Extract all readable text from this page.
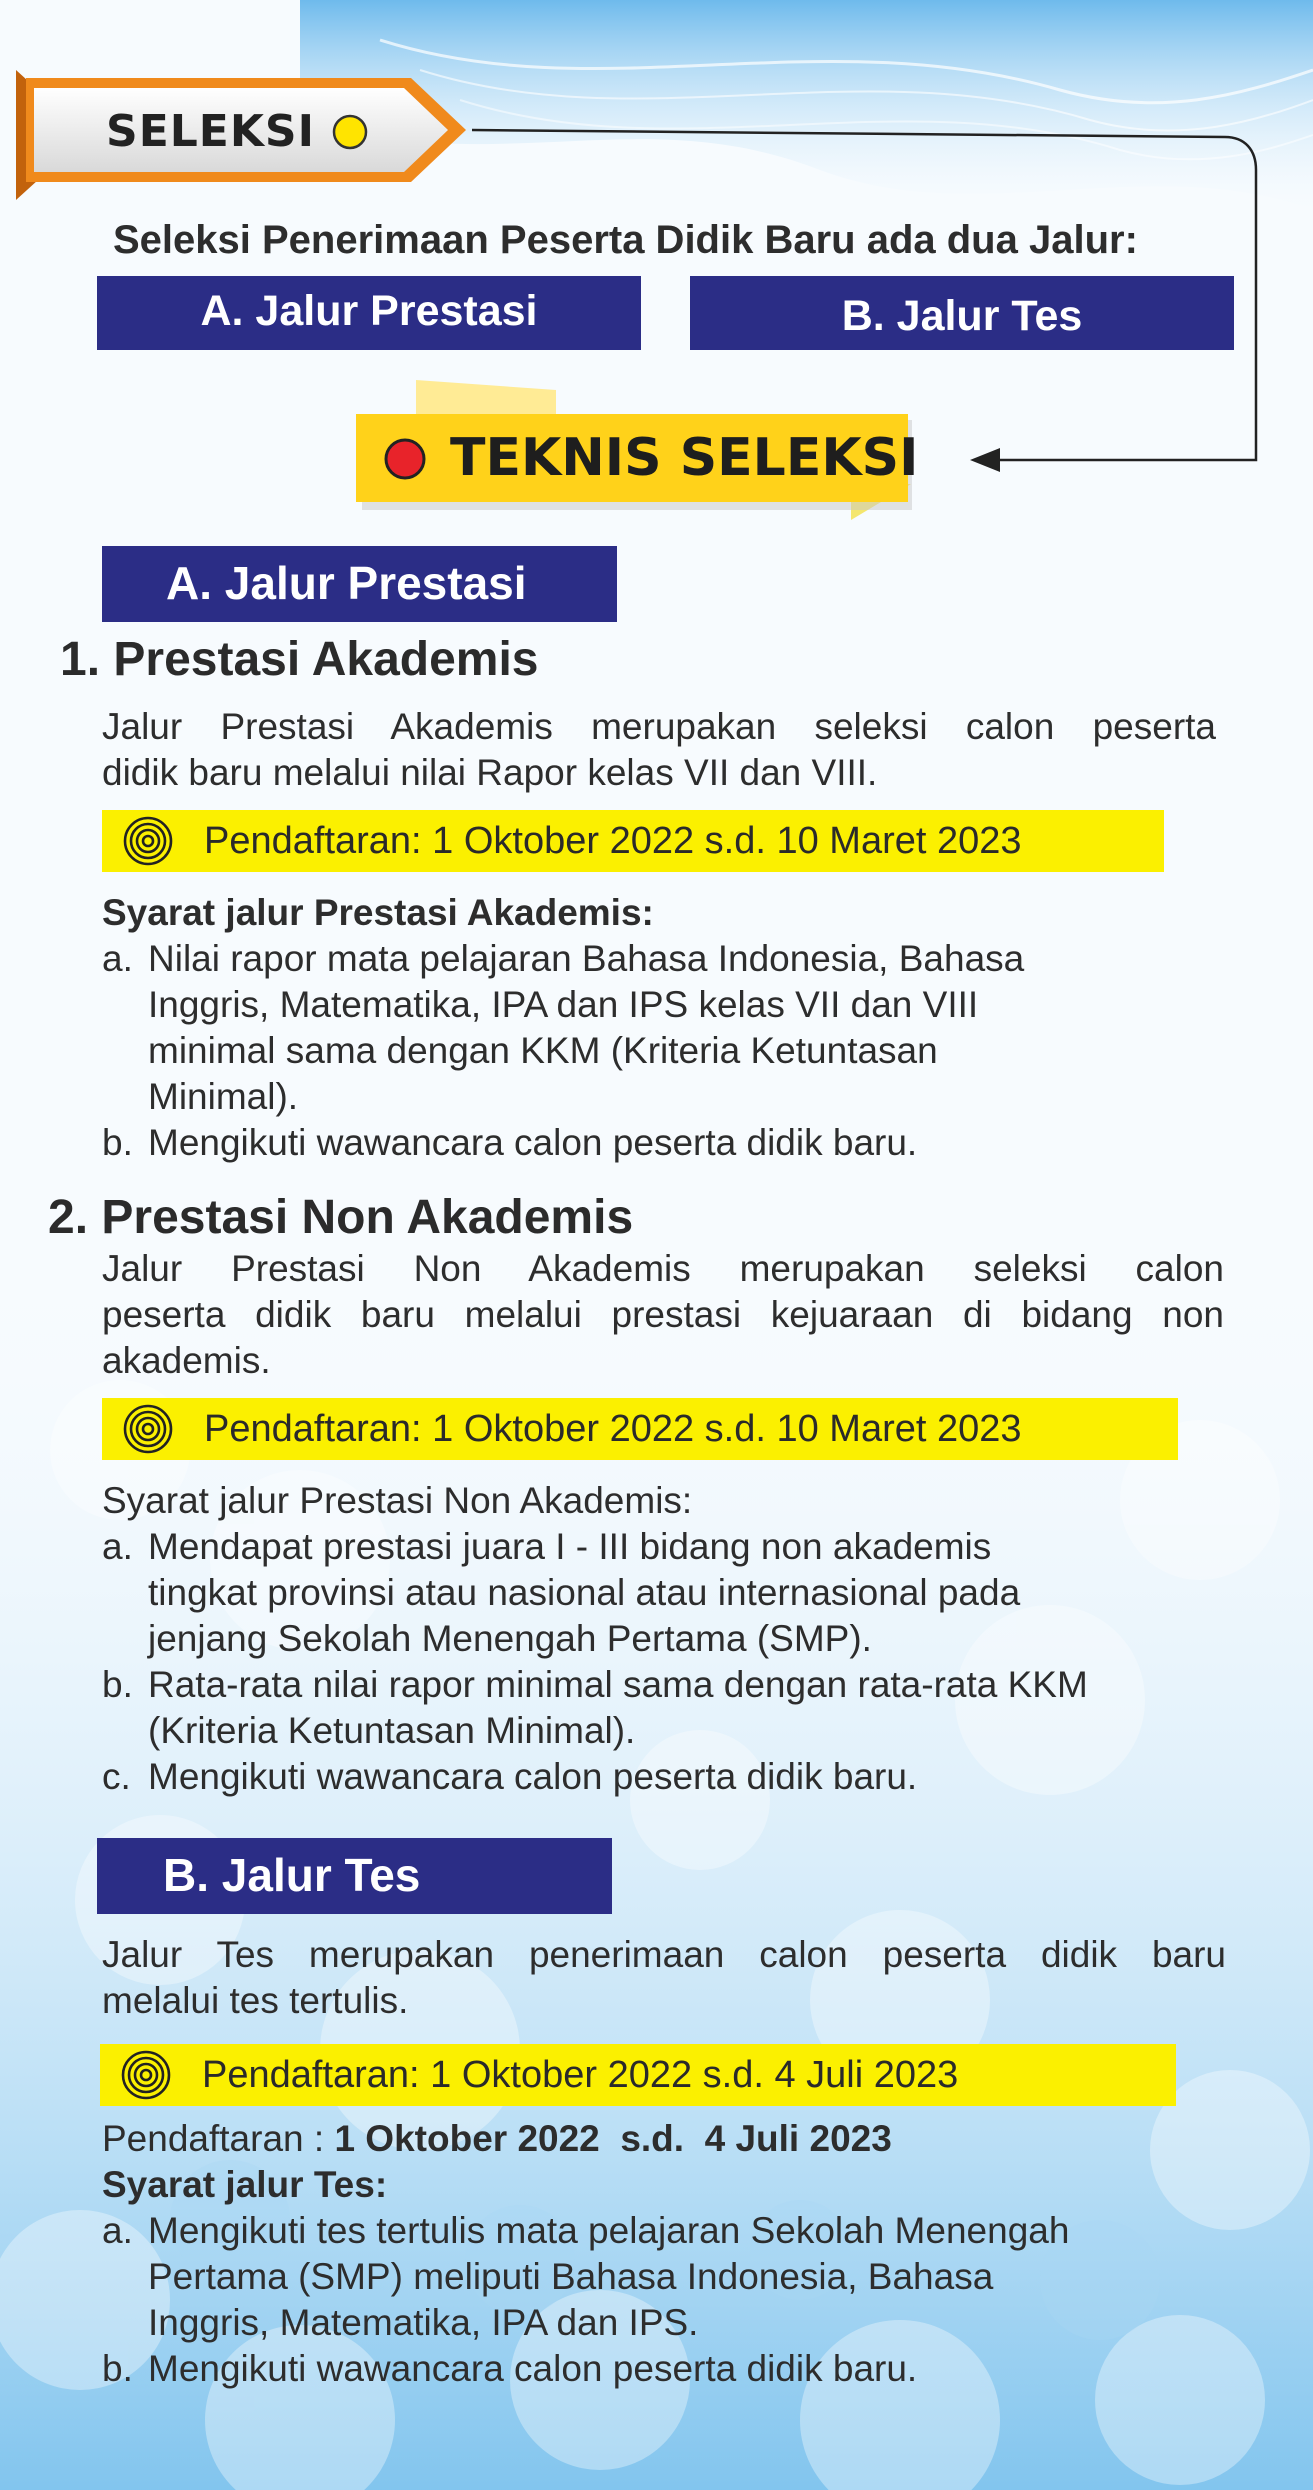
SELEKSI
Seleksi Penerimaan Peserta Didik Baru ada dua Jalur:
A. Jalur Prestasi	B. Jalur Tes
TEKNIS SELEKSI
A. Jalur Prestasi
1. Prestasi Akademis
Jalur Prestasi Akademis merupakan seleksi calon peserta
didik baru melalui nilai Rapor kelas VII dan VIII.
Pendaftaran: 1 Oktober 2022 s.d. 10 Maret 2023
Syarat jalur Prestasi Akademis:
a. Nilai rapor mata pelajaran Bahasa Indonesia, Bahasa
Inggris, Matematika, IPA dan IPS kelas VII dan VIII
minimal sama dengan KKM (Kriteria Ketuntasan
Minimal).
b. Mengikuti wawancara calon peserta didik baru.
2. Prestasi Non Akademis
Jalur Prestasi Non Akademis merupakan seleksi calon
peserta didik baru melalui prestasi kejuaraan di bidang non
akademis.
Pendaftaran: 1 Oktober 2022 s.d. 10 Maret 2023
Syarat jalur Prestasi Non Akademis:
a. Mendapat prestasi juara I - III bidang non akademis
tingkat provinsi atau nasional atau internasional pada
jenjang Sekolah Menengah Pertama (SMP).
b. Rata-rata nilai rapor minimal sama dengan rata-rata KKM
(Kriteria Ketuntasan Minimal).
c. Mengikuti wawancara calon peserta didik baru.
B. Jalur Tes
Jalur Tes merupakan penerimaan calon peserta didik baru
melalui tes tertulis.
Pendaftaran: 1 Oktober 2022 s.d. 4 Juli 2023
Pendaftaran : 1 Oktober 2022  s.d.  4 Juli 2023
Syarat jalur Tes:
a. Mengikuti tes tertulis mata pelajaran Sekolah Menengah
Pertama (SMP) meliputi Bahasa Indonesia, Bahasa
Inggris, Matematika, IPA dan IPS.
b. Mengikuti wawancara calon peserta didik baru.
